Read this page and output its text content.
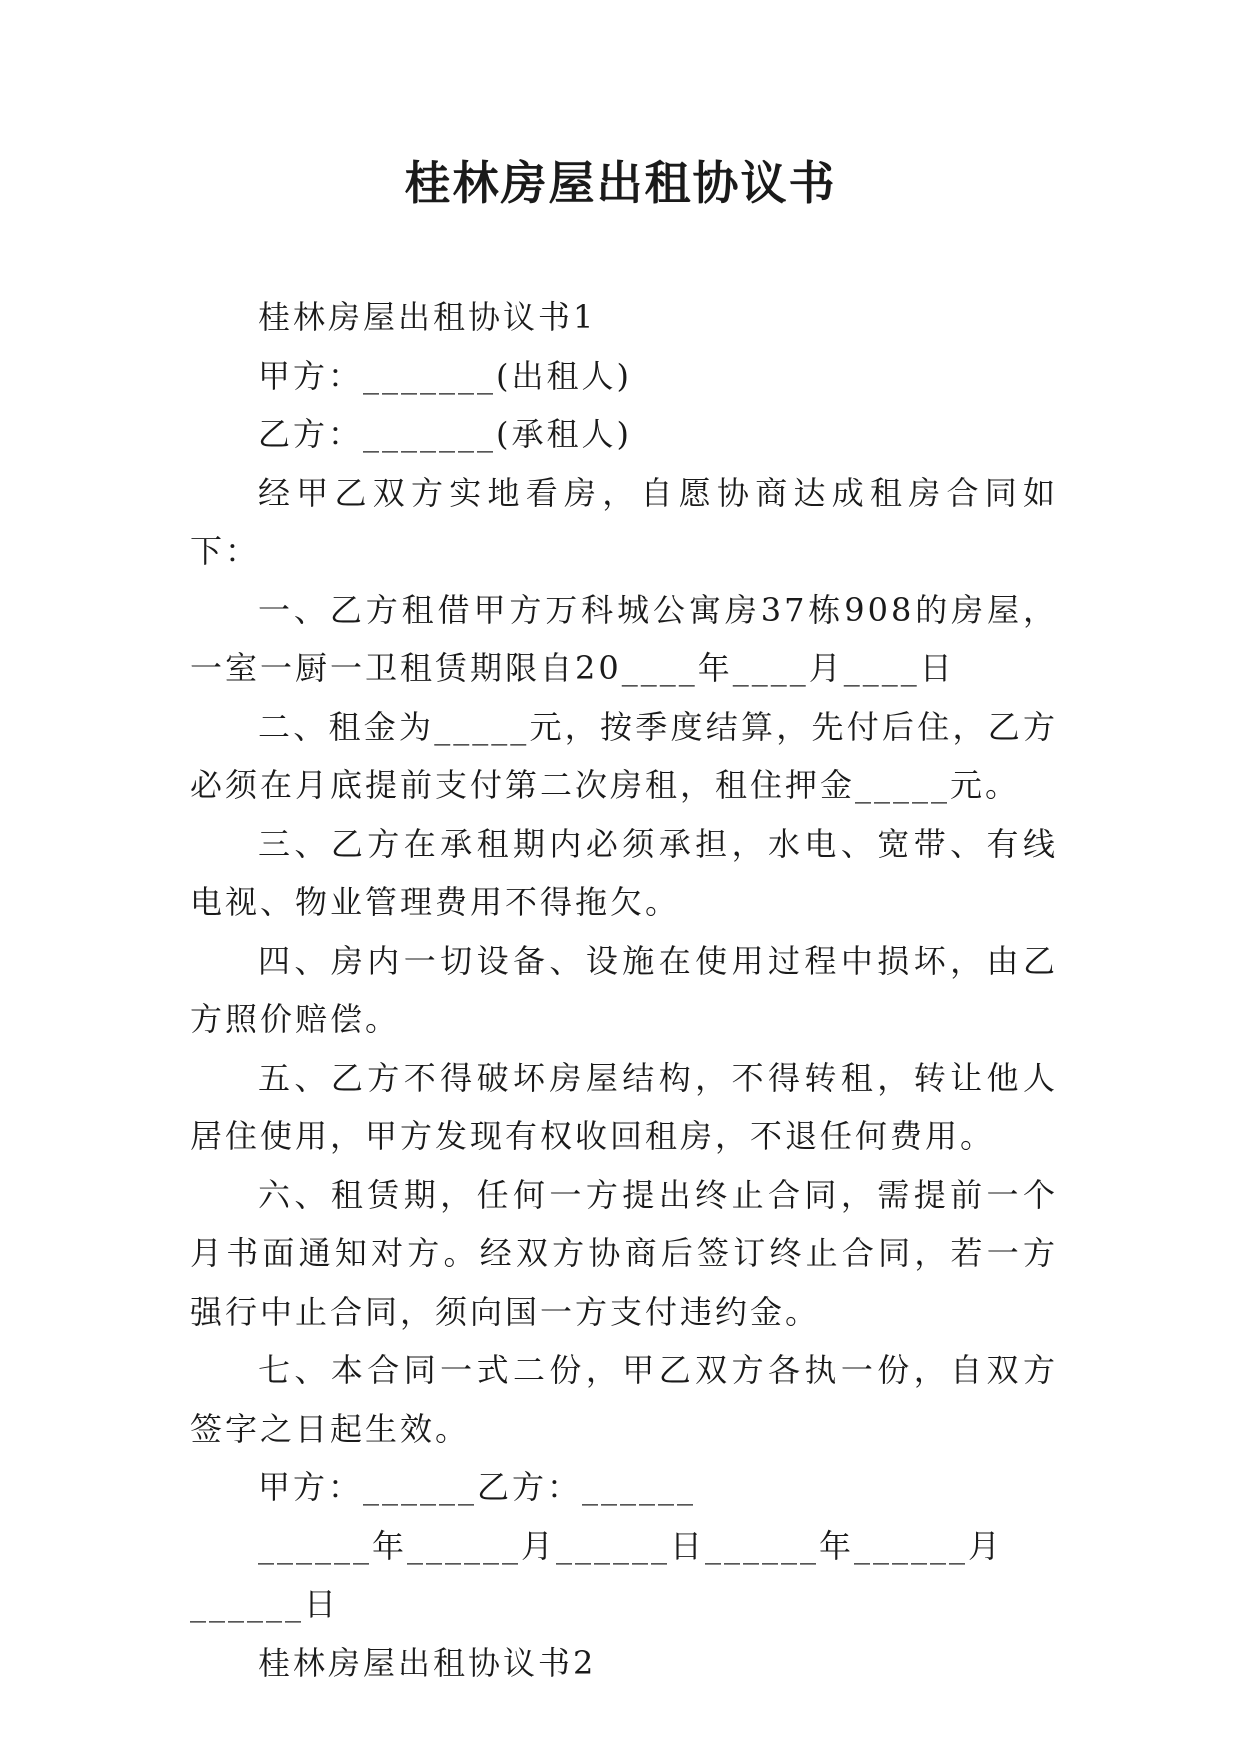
桂林房屋出租协议书

桂林房屋出租协议书1

甲方：_______(出租人)

乙方：_______(承租人)

经甲乙双方实地看房，自愿协商达成租房合同如下：

一、乙方租借甲方万科城公寓房37栋908的房屋，一室一厨一卫租赁期限自20____年____月____日

二、租金为_____元，按季度结算，先付后住，乙方必须在月底提前支付第二次房租，租住押金_____元。

三、乙方在承租期内必须承担，水电、宽带、有线电视、物业管理费用不得拖欠。

四、房内一切设备、设施在使用过程中损坏，由乙方照价赔偿。

五、乙方不得破坏房屋结构，不得转租，转让他人居住使用，甲方发现有权收回租房，不退任何费用。

六、租赁期，任何一方提出终止合同，需提前一个月书面通知对方。经双方协商后签订终止合同，若一方强行中止合同，须向国一方支付违约金。

七、本合同一式二份，甲乙双方各执一份，自双方签字之日起生效。

甲方：______乙方：______

______年______月______日______年______月______日

桂林房屋出租协议书2
